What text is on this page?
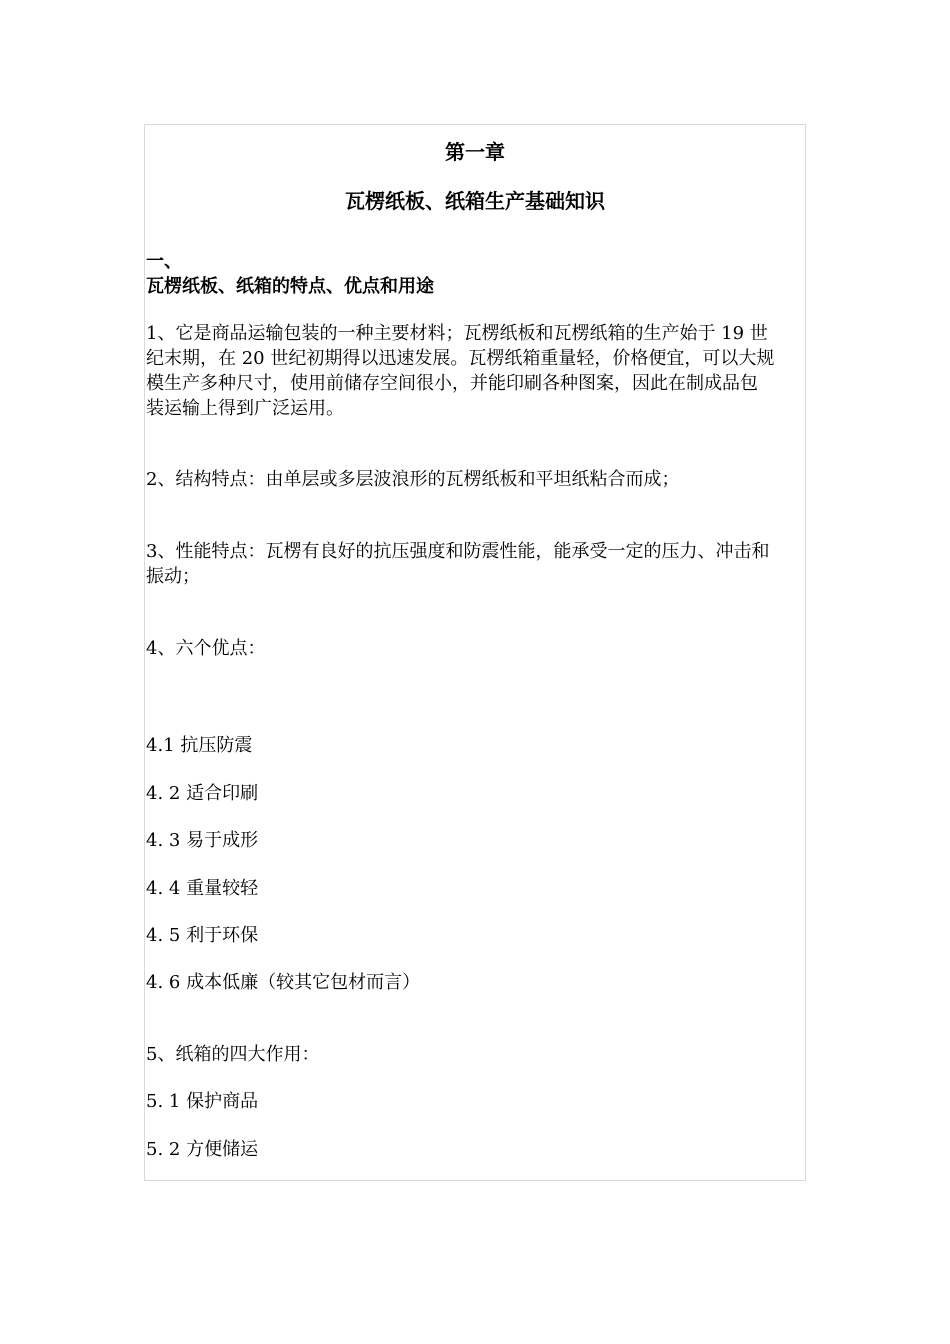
第一章

瓦楞纸板、纸箱生产基础知识

一、

瓦楞纸板、纸箱的特点、优点和用途

1、它是商品运输包装的一种主要材料；瓦楞纸板和瓦楞纸箱的生产始于 19 世

纪末期，在 20 世纪初期得以迅速发展。瓦楞纸箱重量轻，价格便宜，可以大规

模生产多种尺寸，使用前储存空间很小，并能印刷各种图案，因此在制成品包

装运输上得到广泛运用。

2、结构特点：由单层或多层波浪形的瓦楞纸板和平坦纸粘合而成；

3、性能特点：瓦楞有良好的抗压强度和防震性能，能承受一定的压力、冲击和

振动；

4、六个优点：

4.1 抗压防震

4. 2 适合印刷

4. 3 易于成形

4. 4 重量较轻

4. 5 利于环保

4. 6 成本低廉（较其它包材而言）

5、纸箱的四大作用：

5. 1 保护商品

5. 2 方便储运
